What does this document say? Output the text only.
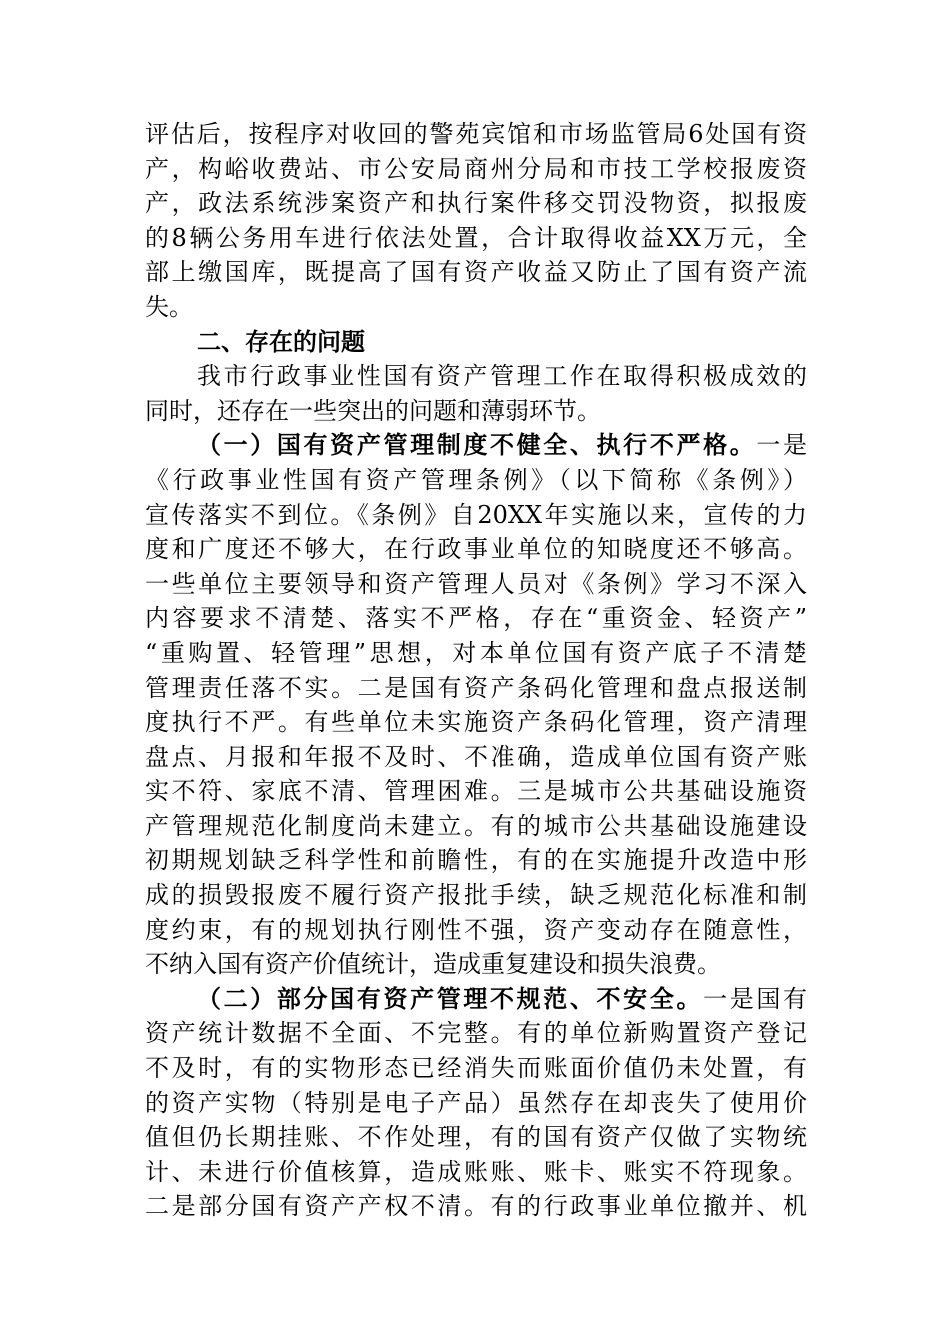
评估后，按程序对收回的警苑宾馆和市场监管局6处国有资
产，构峪收费站、市公安局商州分局和市技工学校报废资
产，政法系统涉案资产和执行案件移交罚没物资，拟报废
的8辆公务用车进行依法处置，合计取得收益XX万元，全
部上缴国库，既提高了国有资产收益又防止了国有资产流
失。
二、存在的问题
我市行政事业性国有资产管理工作在取得积极成效的
同时，还存在一些突出的问题和薄弱环节。
（一）国有资产管理制度不健全、执行不严格。一是
《行政事业性国有资产管理条例》（以下简称《条例》）
宣传落实不到位。《条例》自20XX年实施以来，宣传的力
度和广度还不够大，在行政事业单位的知晓度还不够高。
一些单位主要领导和资产管理人员对《条例》学习不深入
内容要求不清楚、落实不严格，存在“重资金、轻资产”
“重购置、轻管理”思想，对本单位国有资产底子不清楚
管理责任落不实。二是国有资产条码化管理和盘点报送制
度执行不严。有些单位未实施资产条码化管理，资产清理
盘点、月报和年报不及时、不准确，造成单位国有资产账
实不符、家底不清、管理困难。三是城市公共基础设施资
产管理规范化制度尚未建立。有的城市公共基础设施建设
初期规划缺乏科学性和前瞻性，有的在实施提升改造中形
成的损毁报废不履行资产报批手续，缺乏规范化标准和制
度约束，有的规划执行刚性不强，资产变动存在随意性，
不纳入国有资产价值统计，造成重复建设和损失浪费。
（二）部分国有资产管理不规范、不安全。一是国有
资产统计数据不全面、不完整。有的单位新购置资产登记
不及时，有的实物形态已经消失而账面价值仍未处置，有
的资产实物（特别是电子产品）虽然存在却丧失了使用价
值但仍长期挂账、不作处理，有的国有资产仅做了实物统
计、未进行价值核算，造成账账、账卡、账实不符现象。
二是部分国有资产产权不清。有的行政事业单位撤并、机
